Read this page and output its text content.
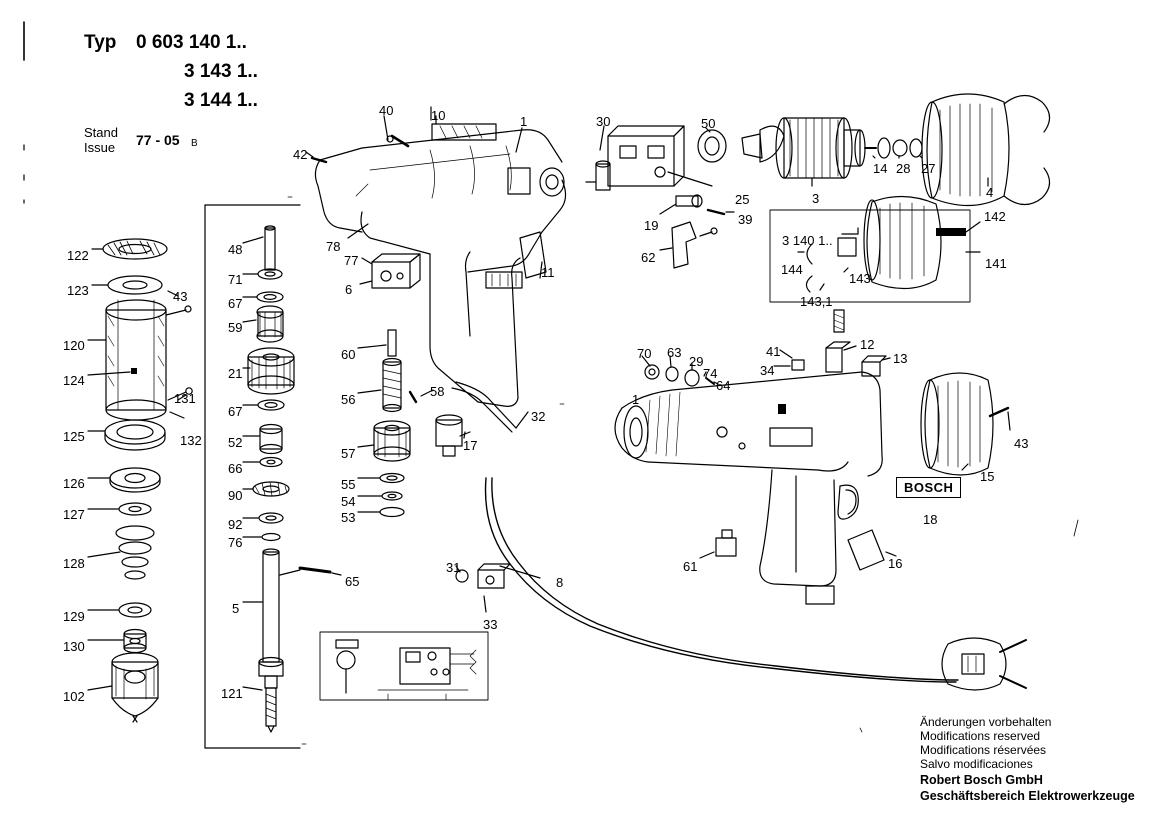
Typ 0 603 140 1..
3 143 1..
3 144 1..
Stand
Issue 77 - 05 B
BOSCH
Änderungen vorbehalten
Modifications reserved
Modifications réservées
Salvo modificaciones
Robert Bosch GmbH
Geschäftsbereich Elektrowerkzeuge
40	10	1	30	50
42
14 28 27
25	3	4
19	39	142
48	78
62
3 140 1..
144
143
141
122	77
71
6
123	43	67
11
143,1
59
120
60	70 63
29
41	12
13
34
74
64
21
124
131	56
58
1
67
132
125	52
32
43
17
57
66
126	15
90
55
54
53
127
92	18
76
128	61	16
31
65	8
5
129
33
130
121
102
